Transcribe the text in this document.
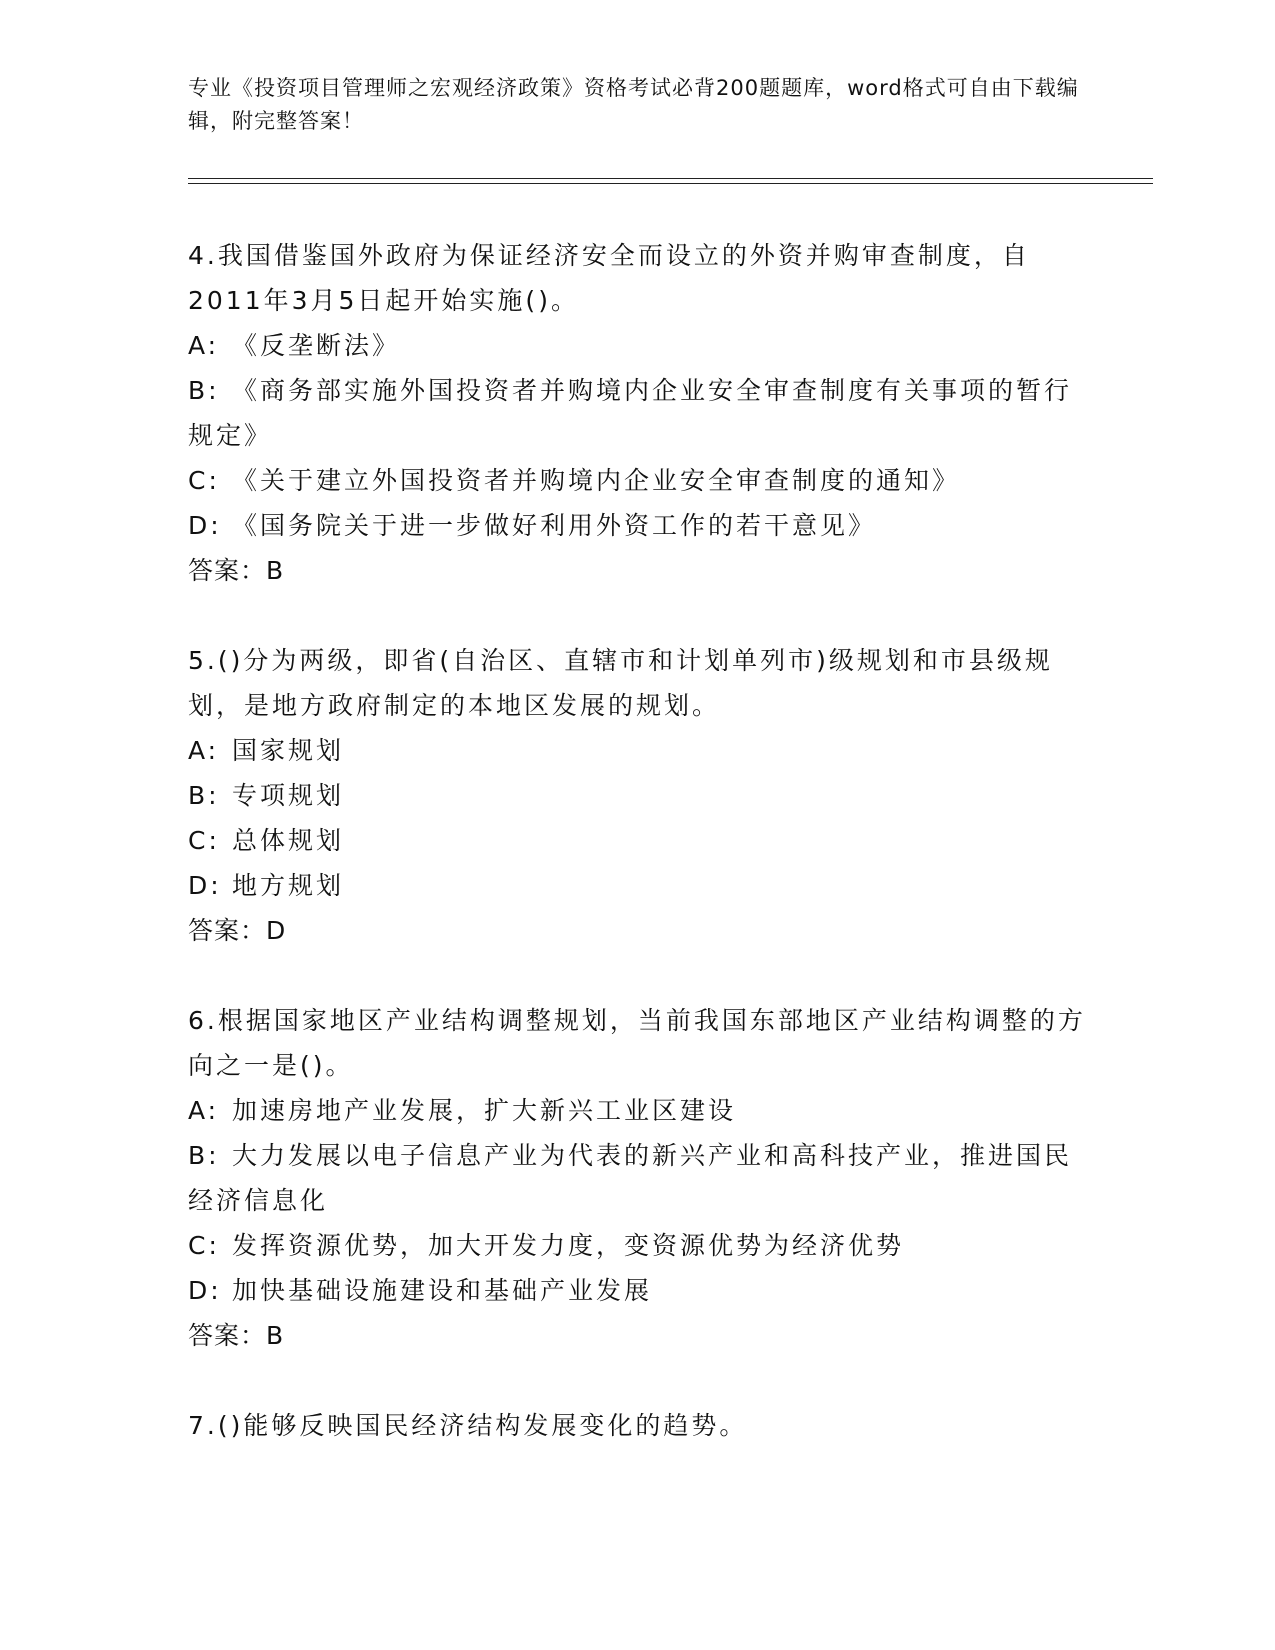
专业《投资项目管理师之宏观经济政策》资格考试必背200题题库，word格式可自由下载编辑，附完整答案！
4.我国借鉴国外政府为保证经济安全而设立的外资并购审查制度，自2011年3月5日起开始实施()。
A: 《反垄断法》
B: 《商务部实施外国投资者并购境内企业安全审查制度有关事项的暂行规定》
C: 《关于建立外国投资者并购境内企业安全审查制度的通知》
D: 《国务院关于进一步做好利用外资工作的若干意见》
答案：B
5.()分为两级，即省(自治区、直辖市和计划单列市)级规划和市县级规划，是地方政府制定的本地区发展的规划。
A: 国家规划
B: 专项规划
C: 总体规划
D: 地方规划
答案：D
6.根据国家地区产业结构调整规划，当前我国东部地区产业结构调整的方向之一是()。
A: 加速房地产业发展，扩大新兴工业区建设
B: 大力发展以电子信息产业为代表的新兴产业和高科技产业，推进国民经济信息化
C: 发挥资源优势，加大开发力度，变资源优势为经济优势
D: 加快基础设施建设和基础产业发展
答案：B
7.()能够反映国民经济结构发展变化的趋势。
